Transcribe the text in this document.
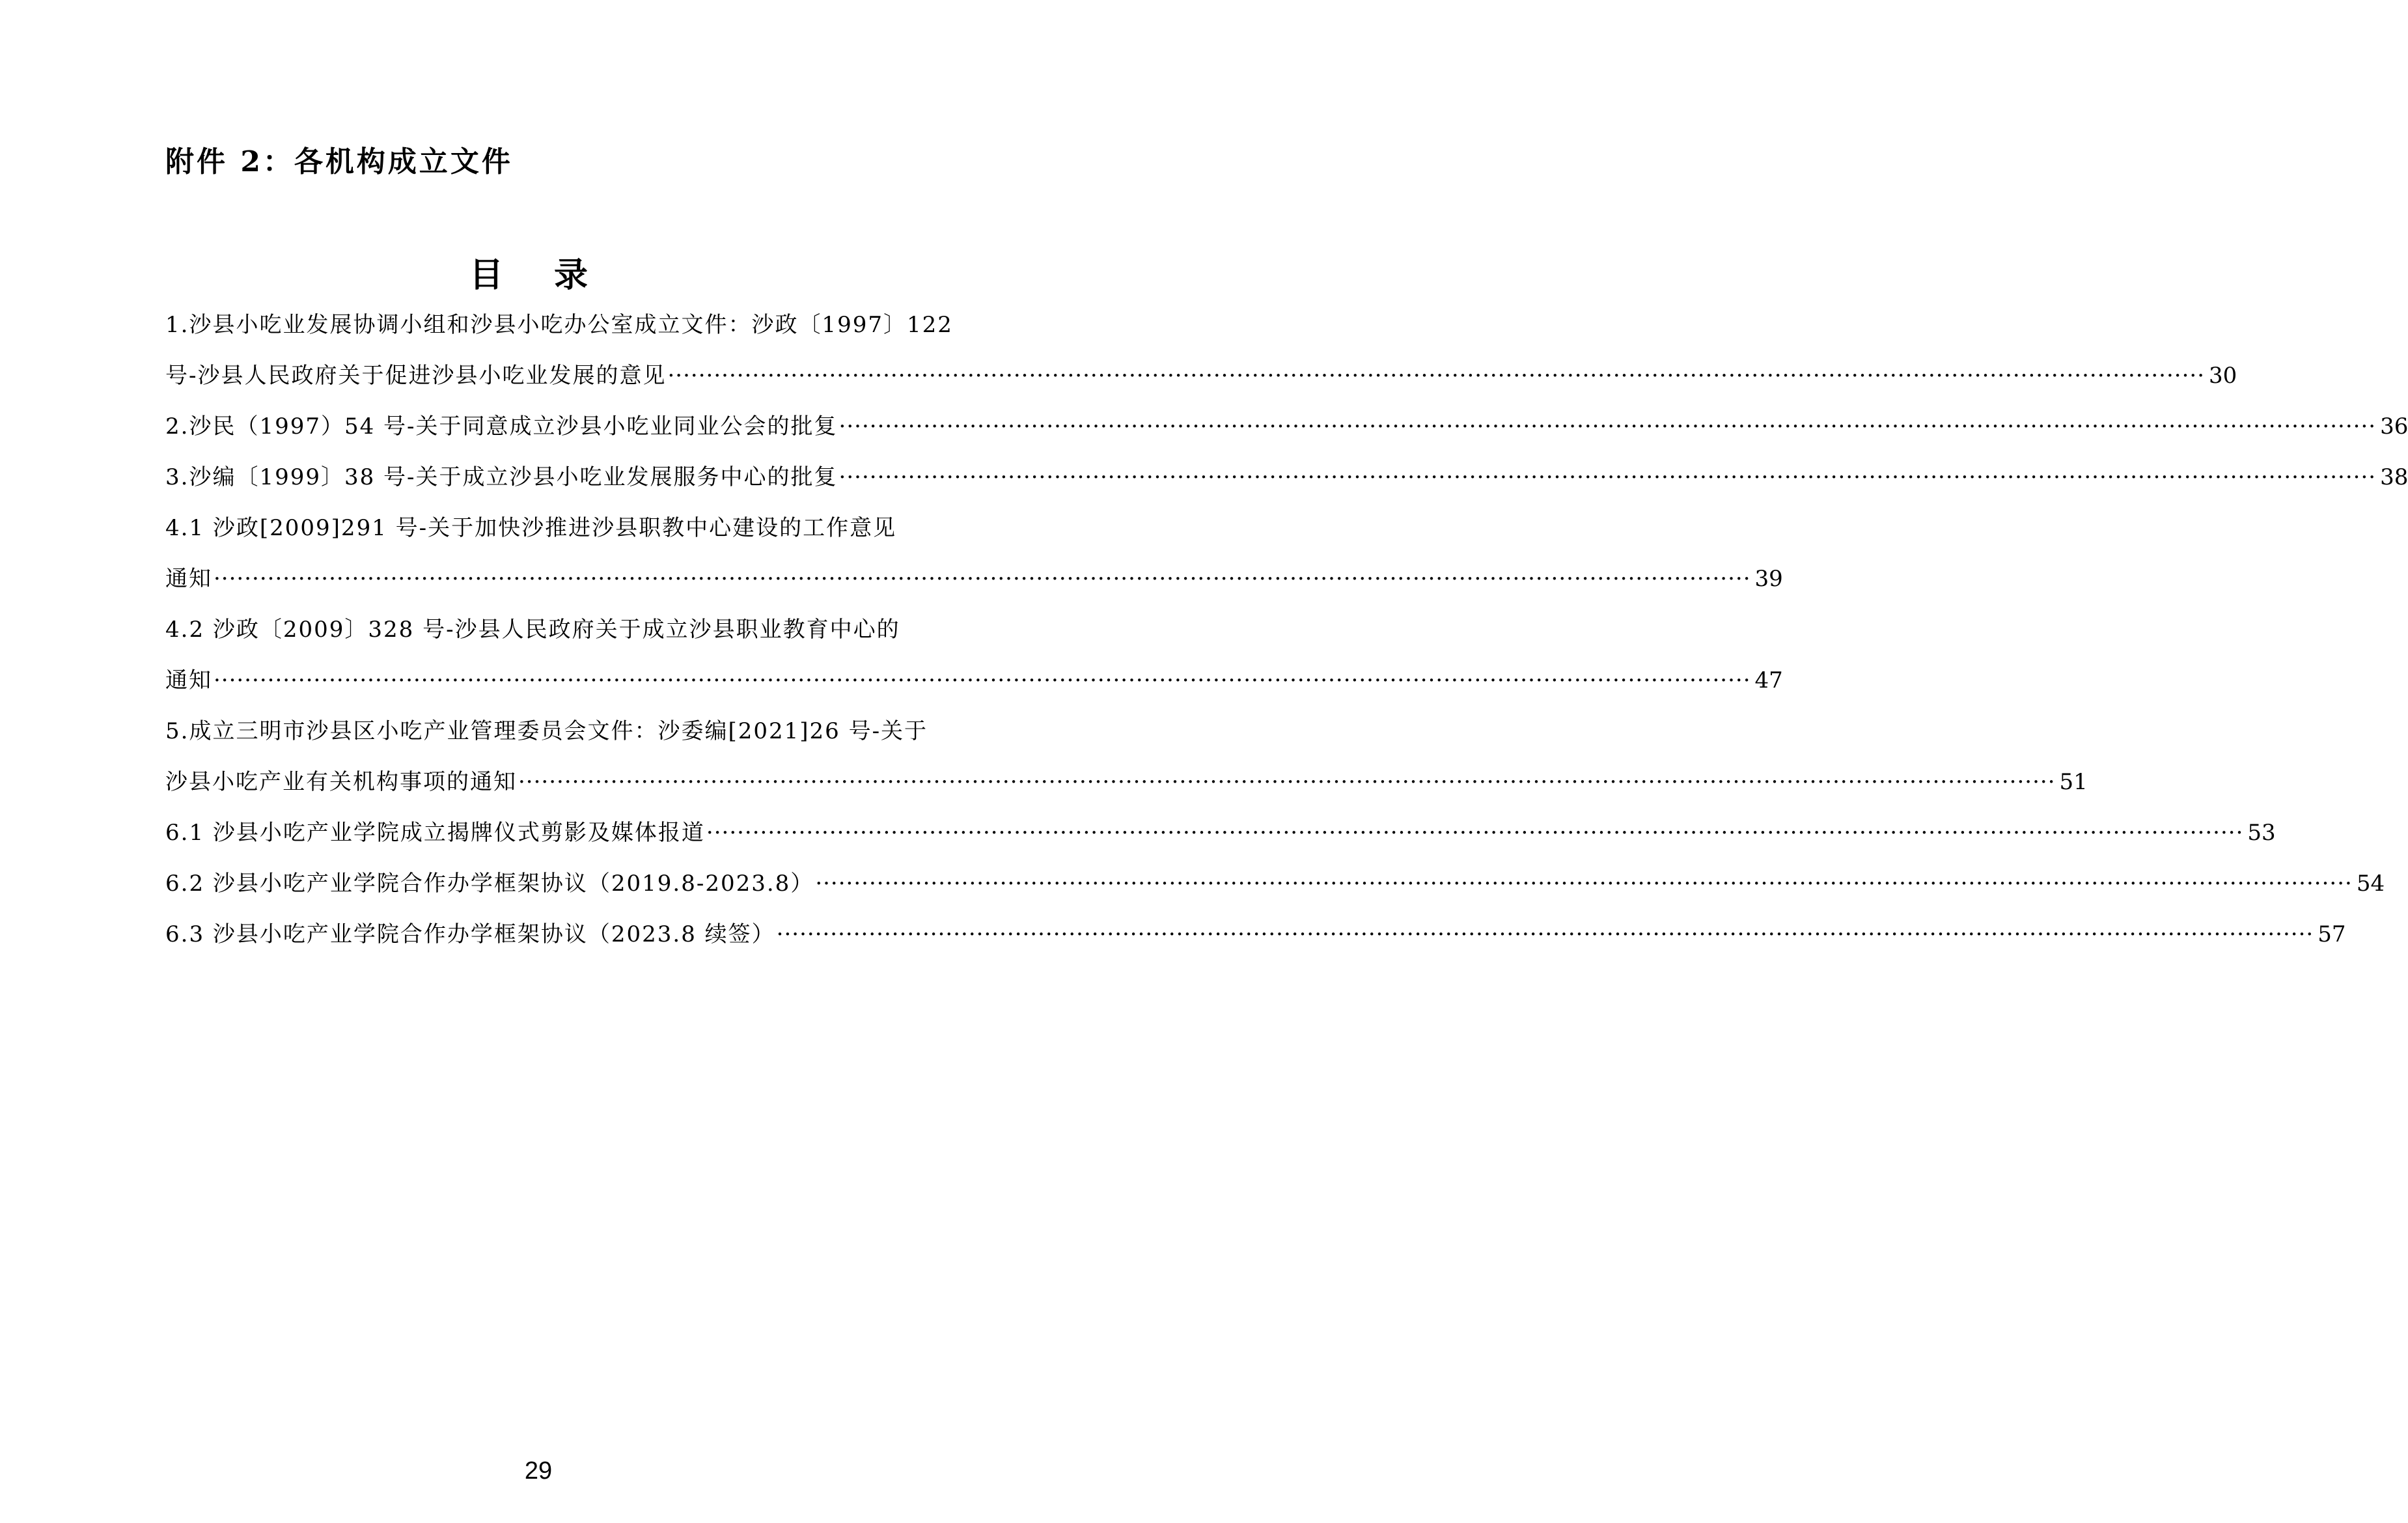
附件 2：各机构成立文件
目 录
1.沙县小吃业发展协调小组和沙县小吃办公室成立文件：沙政〔1997〕122
号-沙县人民政府关于促进沙县小吃业发展的意见 ········································································································································································································ 30
2.沙民（1997）54 号-关于同意成立沙县小吃业同业公会的批复 ········································································································································································································ 36
3.沙编〔1999〕38 号-关于成立沙县小吃业发展服务中心的批复 ········································································································································································································ 38
4.1 沙政[2009]291 号-关于加快沙推进沙县职教中心建设的工作意见
通知 ········································································································································································································ 39
4.2 沙政〔2009〕328 号-沙县人民政府关于成立沙县职业教育中心的
通知 ········································································································································································································ 47
5.成立三明市沙县区小吃产业管理委员会文件：沙委编[2021]26 号-关于
沙县小吃产业有关机构事项的通知 ········································································································································································································ 51
6.1 沙县小吃产业学院成立揭牌仪式剪影及媒体报道 ········································································································································································································ 53
6.2 沙县小吃产业学院合作办学框架协议（2019.8-2023.8） ········································································································································································································ 54
6.3 沙县小吃产业学院合作办学框架协议（2023.8 续签） ········································································································································································································ 57
29
